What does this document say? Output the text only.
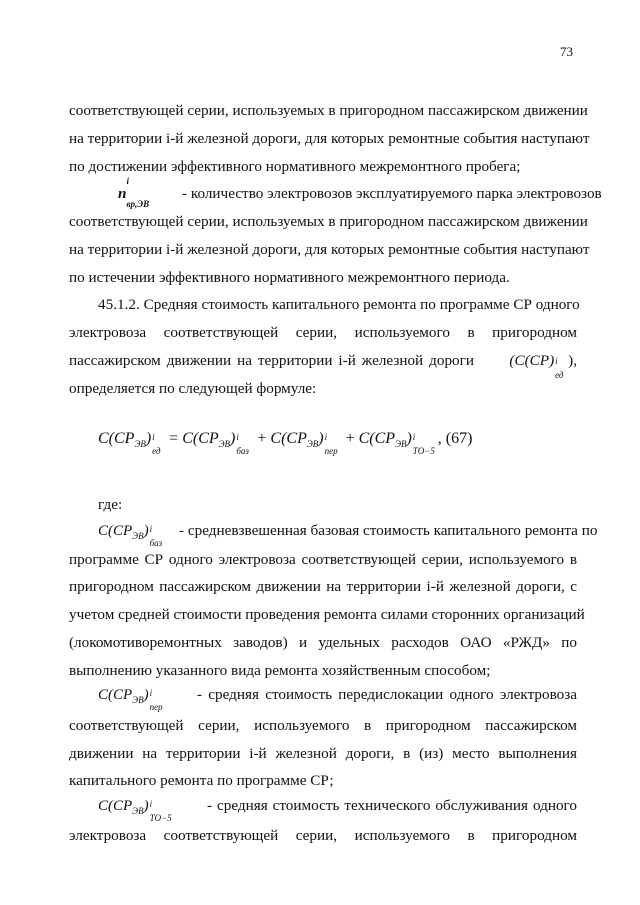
73
соответствующей серии, используемых в пригородном пассажирском движении
на территории і-й железной дороги, для которых ремонтные события наступают
по достижении эффективного нормативного межремонтного пробега;
n
i
$_{вр,ЭВ}$
- количество электровозов эксплуатируемого парка электровозов
соответствующей серии, используемых в пригородном пассажирском движении
на территории і-й железной дороги, для которых ремонтные события наступают
по истечении эффективного нормативного межремонтного периода.
45.1.2. Средняя стоимость капитального ремонта по программе СР одного
электровоза соответствующей серии, используемого в пригородном
пассажирском движении на территории і-й железной дороги (C(CP) i
ед
),
определяется по следующей формуле:
$C(CP_{ЭВ})$ i
ед
= $C(CP_{ЭВ})$ i
баз
+ $C(CP_{ЭВ})$ i
пер
+ $C(CP_{ЭВ})$ i
ТО−5
, (67)
где:
$C(CP_{ЭВ})$ i
баз
- средневзвешенная базовая стоимость капитального ремонта по
программе СР одного электровоза соответствующей серии, используемого в
пригородном пассажирском движении на территории і-й железной дороги, с
учетом средней стоимости проведения ремонта силами сторонних организаций
(локомотиворемонтных заводов) и удельных расходов ОАО «РЖД» по
выполнению указанного вида ремонта хозяйственным способом;
$C(CP_{ЭВ})$ i
пер
- средняя стоимость передислокации одного электровоза
соответствующей серии, используемого в пригородном пассажирском
движении на территории і-й железной дороги, в (из) место выполнения
капитального ремонта по программе СР;
$C(CP_{ЭВ})$ i
ТО−5
- средняя стоимость технического обслуживания одного
электровоза соответствующей серии, используемого в пригородном
